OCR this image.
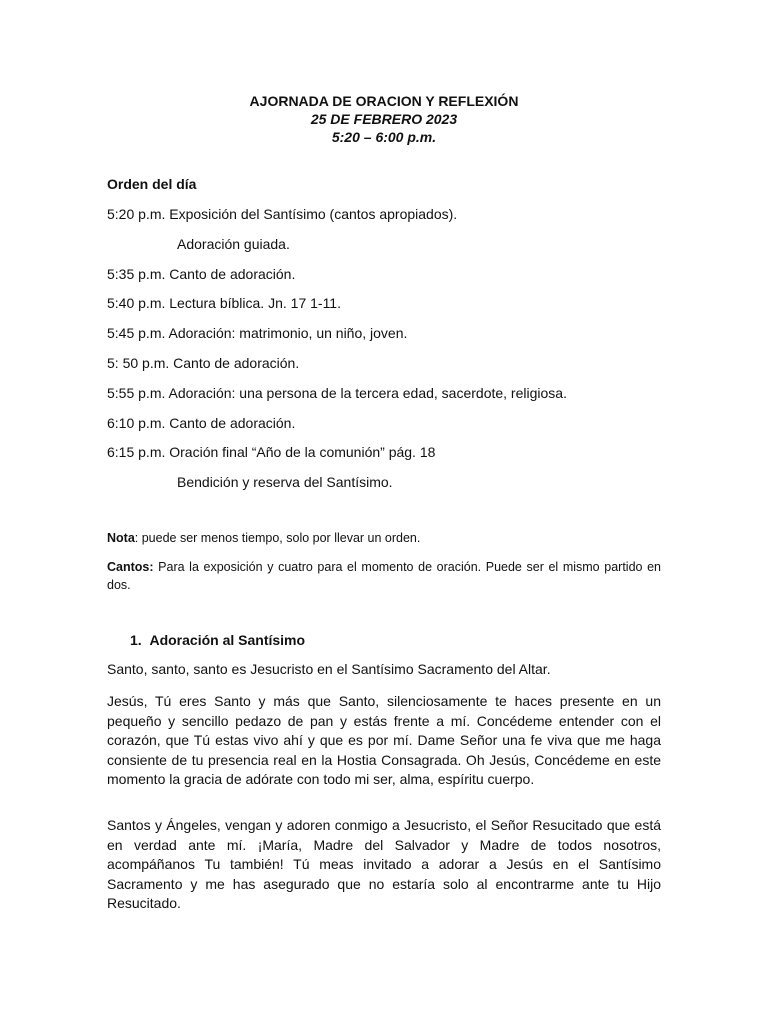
AJORNADA DE ORACION Y REFLEXIÓN
25 DE FEBRERO 2023
5:20 – 6:00 p.m.
Orden del día
5:20 p.m. Exposición del Santísimo (cantos apropiados).
Adoración guiada.
5:35 p.m. Canto de adoración.
5:40 p.m. Lectura bíblica. Jn. 17 1-11.
5:45 p.m. Adoración: matrimonio, un niño, joven.
5: 50 p.m. Canto de adoración.
5:55 p.m. Adoración: una persona de la tercera edad, sacerdote, religiosa.
6:10 p.m. Canto de adoración.
6:15 p.m. Oración final “Año de la comunión” pág. 18
Bendición y reserva del Santísimo.
Nota: puede ser menos tiempo, solo por llevar un orden.
Cantos: Para la exposición y cuatro para el momento de oración. Puede ser el mismo partido en dos.
1. Adoración al Santísimo
Santo, santo, santo es Jesucristo en el Santísimo Sacramento del Altar.
Jesús, Tú eres Santo y más que Santo, silenciosamente te haces presente en un pequeño y sencillo pedazo de pan y estás frente a mí. Concédeme entender con el corazón, que Tú estas vivo ahí y que es por mí. Dame Señor una fe viva que me haga consiente de tu presencia real en la Hostia Consagrada. Oh Jesús, Concédeme en este momento la gracia de adórate con todo mi ser, alma, espíritu cuerpo.
Santos y Ángeles, vengan y adoren conmigo a Jesucristo, el Señor Resucitado que está en verdad ante mí. ¡María, Madre del Salvador y Madre de todos nosotros, acompáñanos Tu también! Tú meas invitado a adorar a Jesús en el Santísimo Sacramento y me has asegurado que no estaría solo al encontrarme ante tu Hijo Resucitado.
